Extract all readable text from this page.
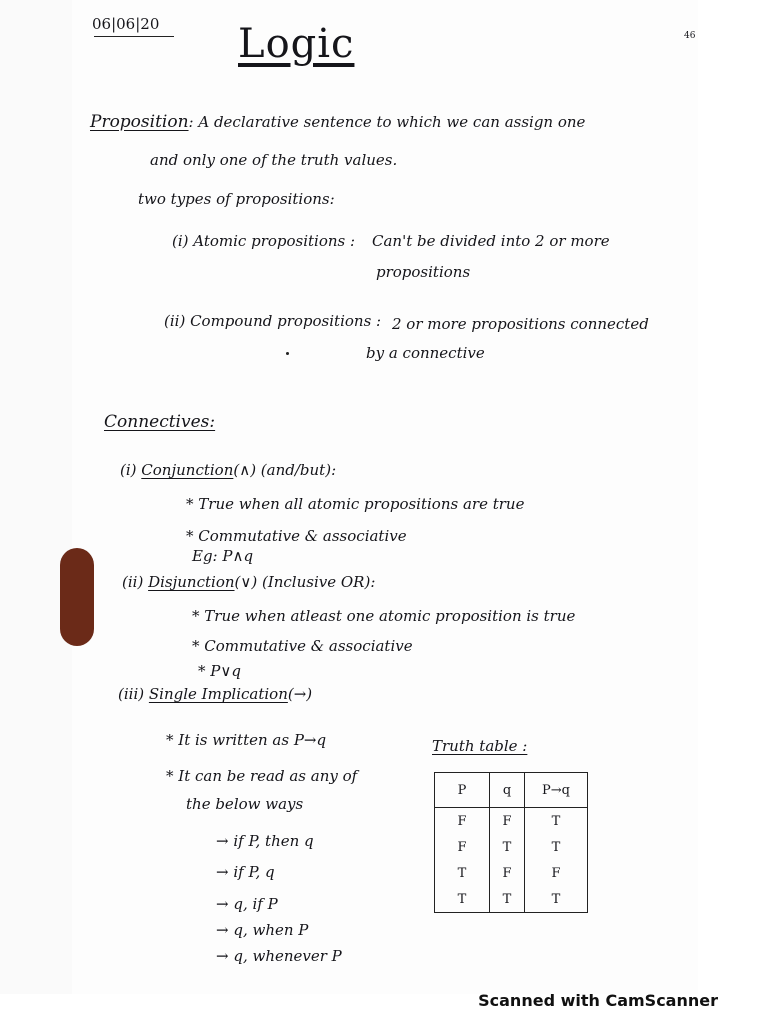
06|06|20
46
Logic
Proposition: A declarative sentence to which we can assign one
and only one of the truth values.
two types of propositions:
(i) Atomic propositions : Can't be divided into 2 or more
propositions
(ii) Compound propositions : 2 or more propositions connected
by a connective
Connectives:
(i) Conjunction(∧) (and/but):
* True when all atomic propositions are true
* Commutative & associative
Eg: P∧q
(ii) Disjunction(∨) (Inclusive OR):
* True when atleast one atomic proposition is true
* Commutative & associative
* P∨q
(iii) Single Implication(→)
* It is written as P→q
* It can be read as any of
the below ways
→ if P, then q
→ if P, q
→ q, if P
→ q, when P
→ q, whenever P
Truth table :
P	q	P→q
F	F	T
F	T	T
T	F	F
T	T	T
Scanned with CamScanner
